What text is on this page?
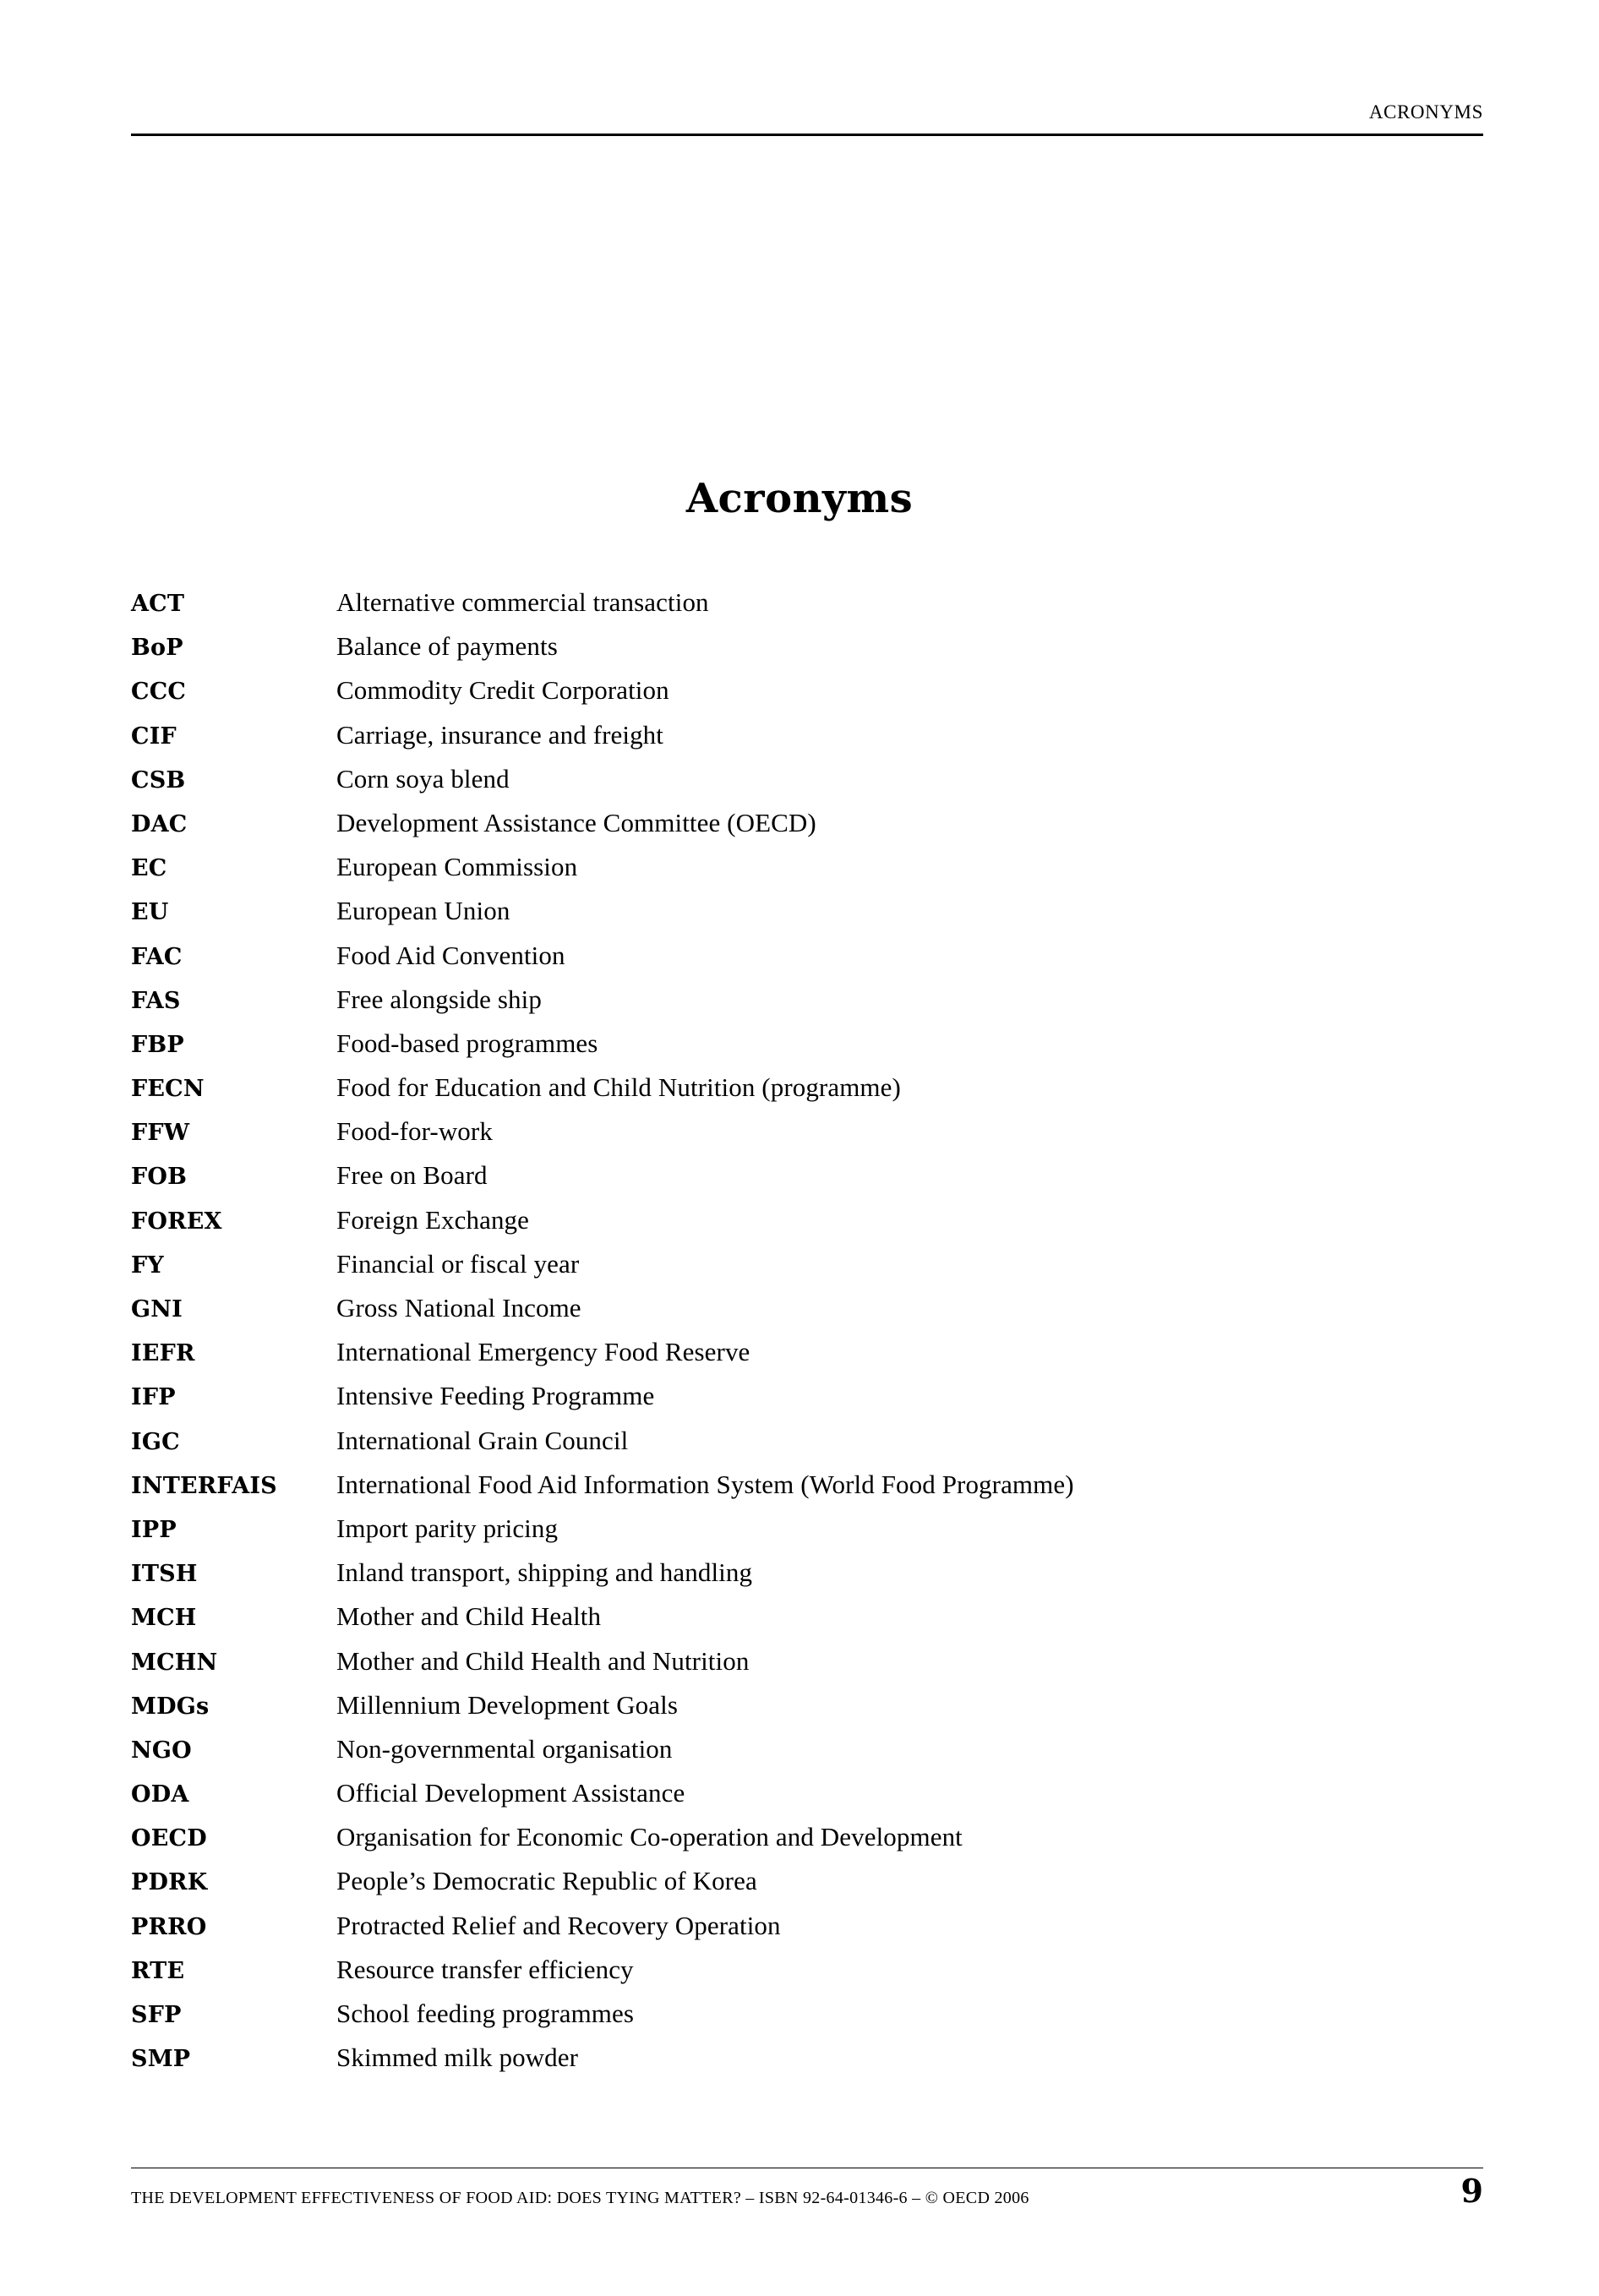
ACRONYMS
Acronyms
ACT	Alternative commercial transaction
BoP	Balance of payments
CCC	Commodity Credit Corporation
CIF	Carriage, insurance and freight
CSB	Corn soya blend
DAC	Development Assistance Committee (OECD)
EC	European Commission
EU	European Union
FAC	Food Aid Convention
FAS	Free alongside ship
FBP	Food-based programmes
FECN	Food for Education and Child Nutrition (programme)
FFW	Food-for-work
FOB	Free on Board
FOREX	Foreign Exchange
FY	Financial or fiscal year
GNI	Gross National Income
IEFR	International Emergency Food Reserve
IFP	Intensive Feeding Programme
IGC	International Grain Council
INTERFAIS	International Food Aid Information System (World Food Programme)
IPP	Import parity pricing
ITSH	Inland transport, shipping and handling
MCH	Mother and Child Health
MCHN	Mother and Child Health and Nutrition
MDGs	Millennium Development Goals
NGO	Non-governmental organisation
ODA	Official Development Assistance
OECD	Organisation for Economic Co-operation and Development
PDRK	People’s Democratic Republic of Korea
PRRO	Protracted Relief and Recovery Operation
RTE	Resource transfer efficiency
SFP	School feeding programmes
SMP	Skimmed milk powder
THE DEVELOPMENT EFFECTIVENESS OF FOOD AID: DOES TYING MATTER? – ISBN 92-64-01346-6 – © OECD 2006	9
